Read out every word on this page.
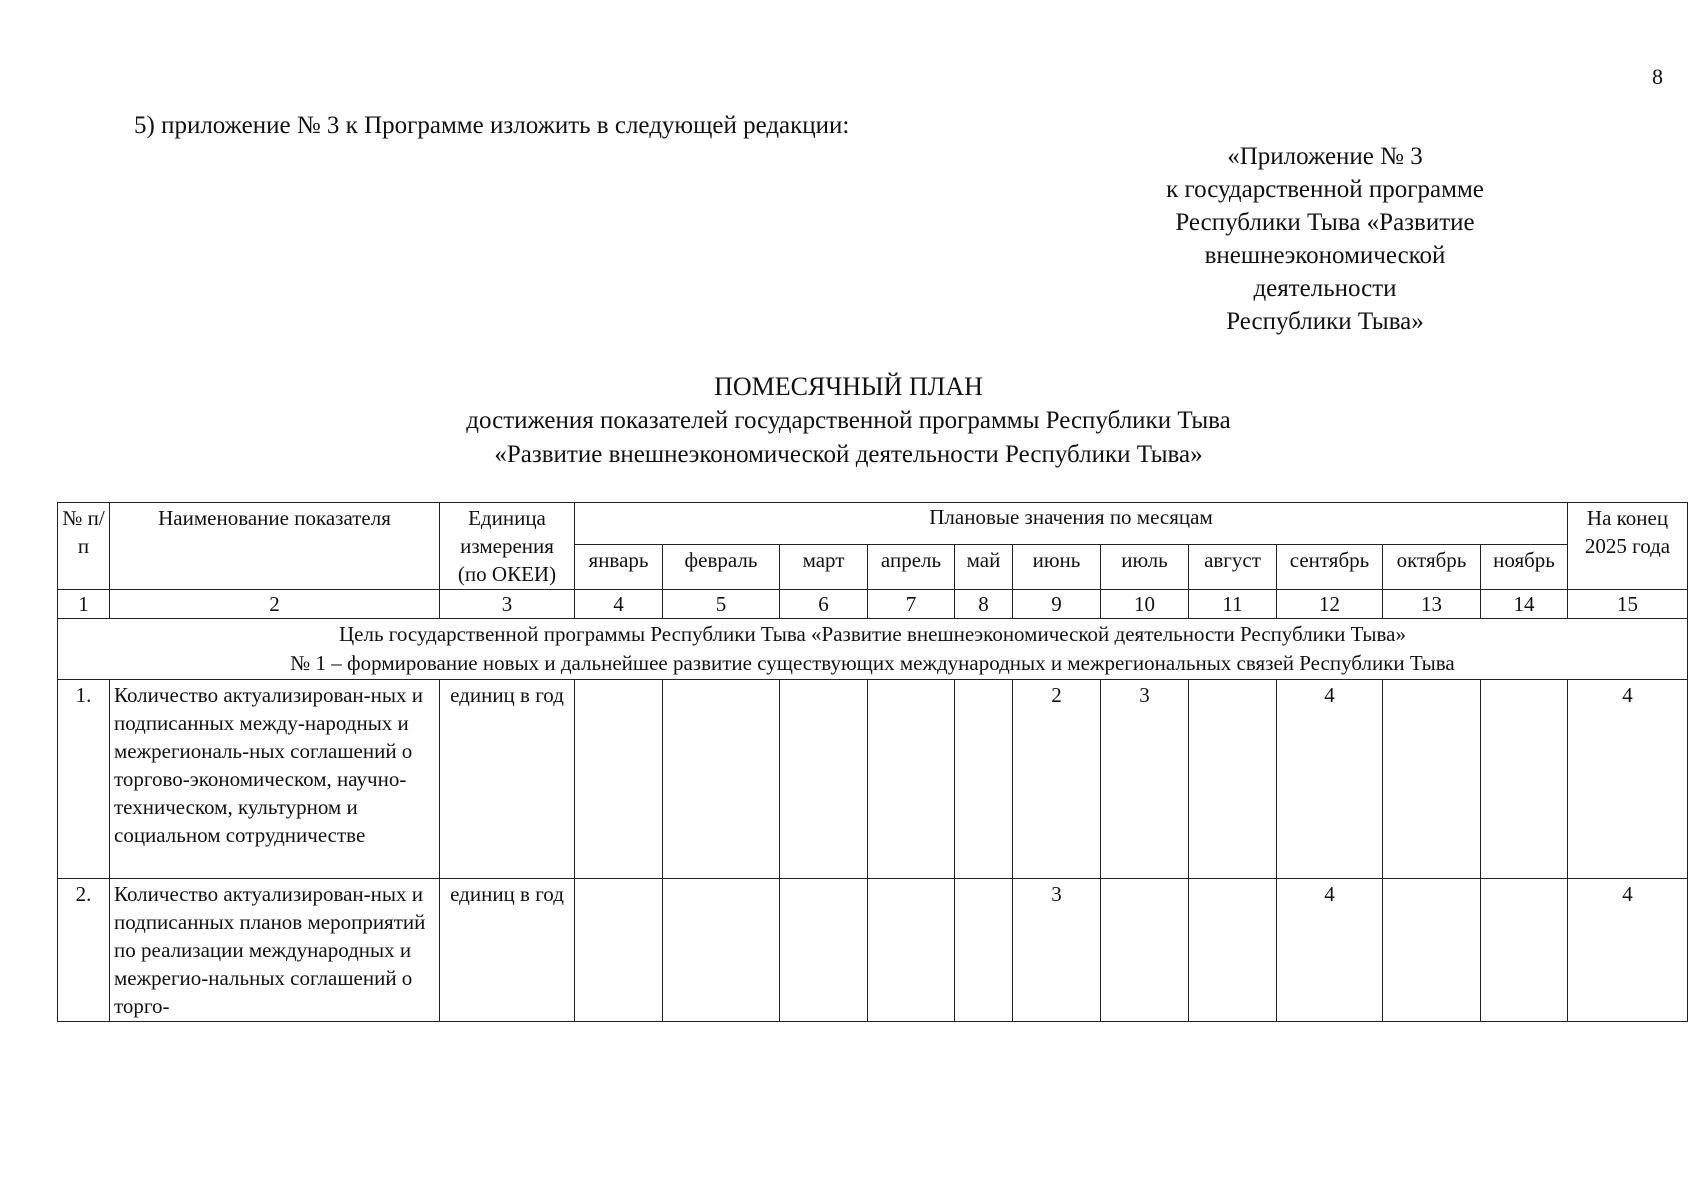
8
5) приложение № 3 к Программе изложить в следующей редакции:
«Приложение № 3
к государственной программе
Республики Тыва «Развитие
внешнеэкономической деятельности
Республики Тыва»
ПОМЕСЯЧНЫЙ ПЛАН
достижения показателей государственной программы Республики Тыва
«Развитие внешнеэкономической деятельности Республики Тыва»
№ п/п	Наименование показателя	Единица измерения (по ОКЕИ)	Плановые значения по месяцам											На конец 2025 года
			январь	февраль	март	апрель	май	июнь	июль	август	сентябрь	октябрь	ноябрь	
1	2	3	4	5	6	7	8	9	10	11	12	13	14	15

Цель государственной программы Республики Тыва «Развитие внешнеэкономической деятельности Республики Тыва»
№ 1 – формирование новых и дальнейшее развитие существующих международных и межрегиональных связей Республики Тыва														

1.	Количество актуализирован-ных и подписанных между-народных и межрегиональ-ных соглашений о торгово-экономическом, научно-техническом, культурном и социальном сотрудничестве	единиц в год						2	3		4			4
2.	Количество актуализирован-ных и подписанных планов мероприятий по реализации международных и межрегио-нальных соглашений о торго-	единиц в год						3			4			4
